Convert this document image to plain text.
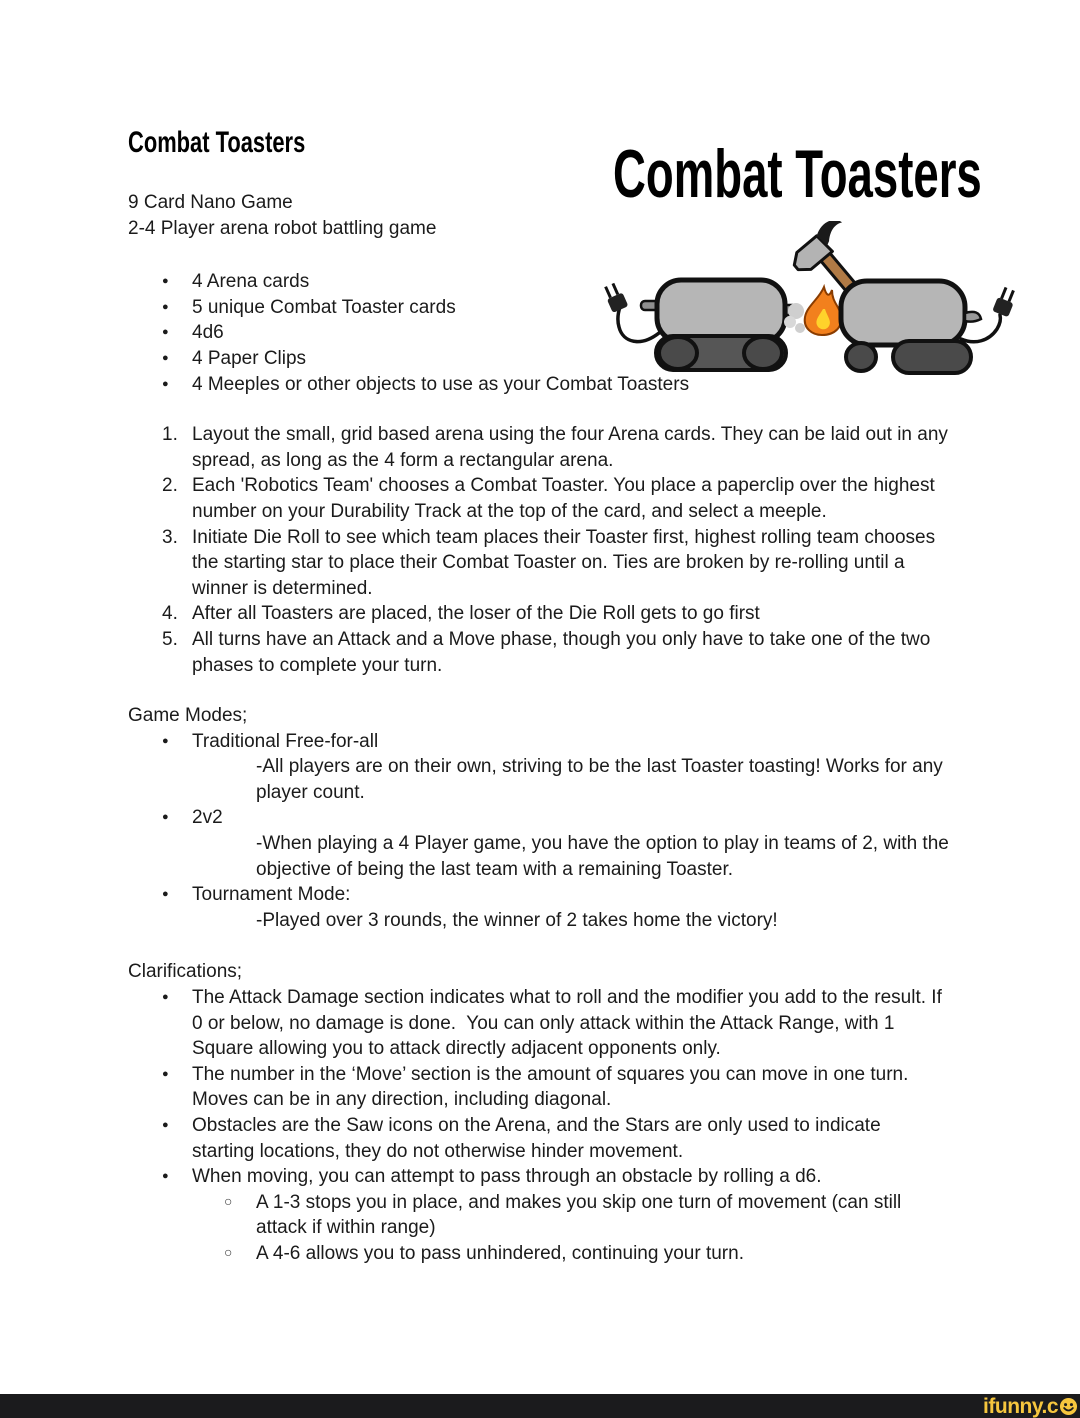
Combat Toasters
Combat Toasters
9 Card Nano Game
2-4 Player arena robot battling game
● 4 Arena cards
● 5 unique Combat Toaster cards
● 4d6
● 4 Paper Clips
● 4 Meeples or other objects to use as your Combat Toasters
1. Layout the small, grid based arena using the four Arena cards. They can be laid out in any spread, as long as the 4 form a rectangular arena.
2. Each 'Robotics Team' chooses a Combat Toaster. You place a paperclip over the highest number on your Durability Track at the top of the card, and select a meeple.
3. Initiate Die Roll to see which team places their Toaster first, highest rolling team chooses the starting star to place their Combat Toaster on. Ties are broken by re-rolling until a winner is determined.
4. After all Toasters are placed, the loser of the Die Roll gets to go first
5. All turns have an Attack and a Move phase, though you only have to take one of the two phases to complete your turn.
Game Modes;
● Traditional Free-for-all
-All players are on their own, striving to be the last Toaster toasting! Works for any player count.
● 2v2
-When playing a 4 Player game, you have the option to play in teams of 2, with the objective of being the last team with a remaining Toaster.
● Tournament Mode:
-Played over 3 rounds, the winner of 2 takes home the victory!
Clarifications;
● The Attack Damage section indicates what to roll and the modifier you add to the result. If 0 or below, no damage is done.  You can only attack within the Attack Range, with 1 Square allowing you to attack directly adjacent opponents only.
● The number in the ‘Move’ section is the amount of squares you can move in one turn. Moves can be in any direction, including diagonal.
● Obstacles are the Saw icons on the Arena, and the Stars are only used to indicate starting locations, they do not otherwise hinder movement.
● When moving, you can attempt to pass through an obstacle by rolling a d6.
○ A 1-3 stops you in place, and makes you skip one turn of movement (can still attack if within range)
○ A 4-6 allows you to pass unhindered, continuing your turn.
ifunny.c
